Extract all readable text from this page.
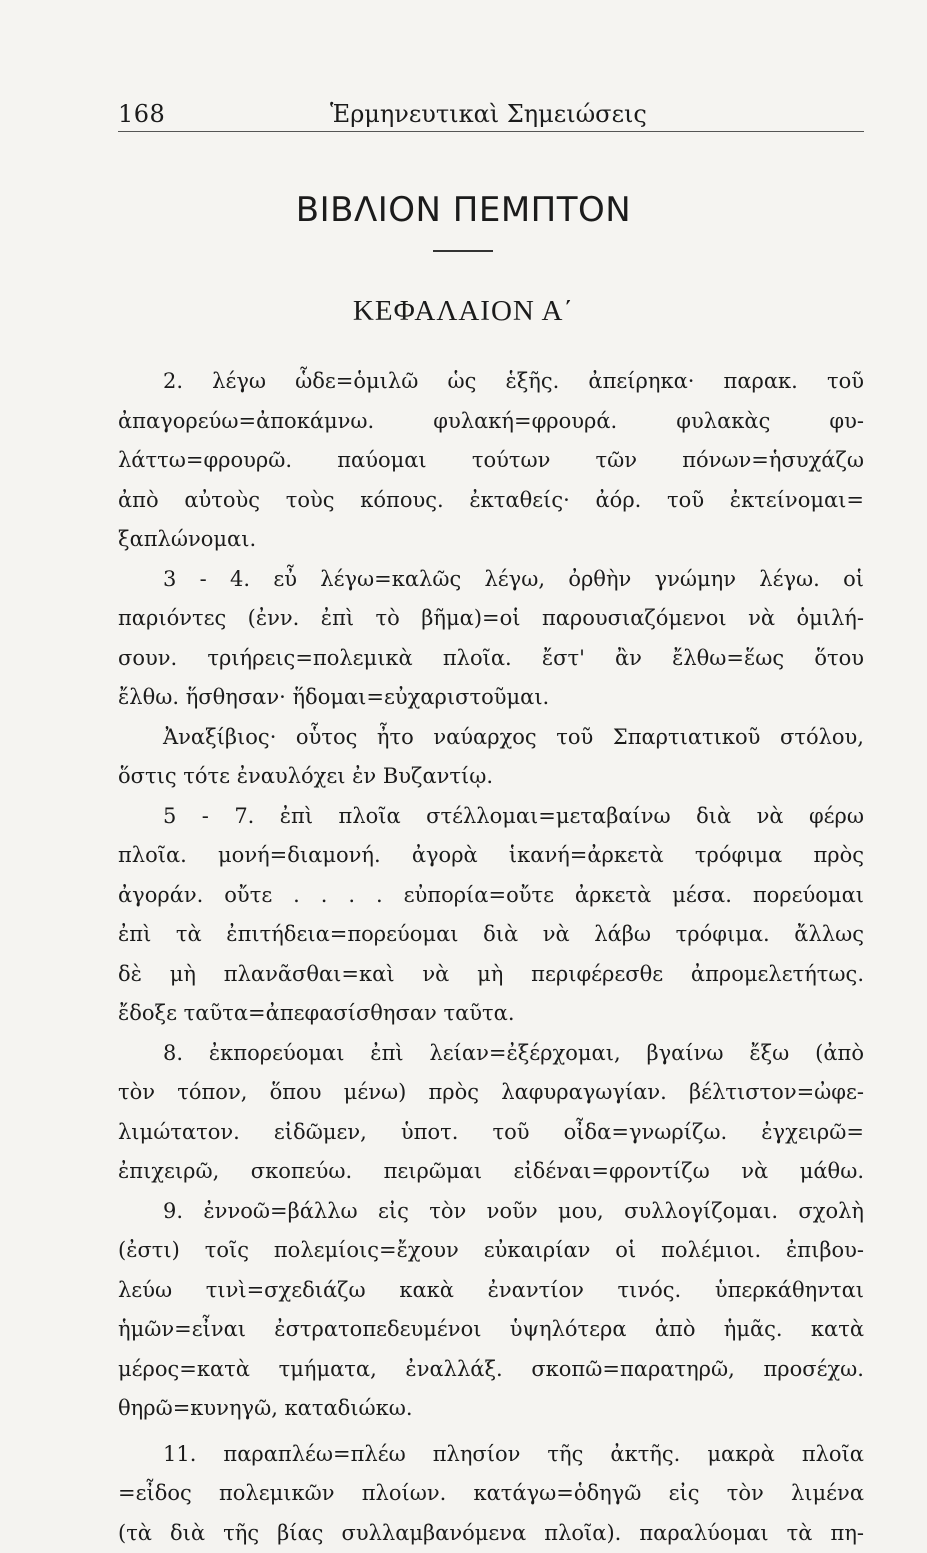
168	Ἑρμηνευτικαὶ Σημειώσεις
ΒΙΒΛΙΟΝ ΠΕΜΠΤΟΝ
ΚΕΦΑΛΑΙΟΝ Α΄
2. λέγω ὧδε=ὁμιλῶ ὡς ἑξῆς. ἀπείρηκα· παρακ. τοῦ
ἀπαγορεύω=ἀποκάμνω. φυλακή=φρουρά. φυλακὰς φυ-
λάττω=φρουρῶ. παύομαι τούτων τῶν πόνων=ἡσυχάζω
ἀπὸ αὐτοὺς τοὺς κόπους. ἐκταθείς· ἀόρ. τοῦ ἐκτείνομαι=
ξαπλώνομαι.
3 - 4. εὖ λέγω=καλῶς λέγω, ὀρθὴν γνώμην λέγω. οἱ
παριόντες (ἐνν. ἐπὶ τὸ βῆμα)=οἱ παρουσιαζόμενοι νὰ ὁμιλή-
σουν. τριήρεις=πολεμικὰ πλοῖα. ἔστ' ἂν ἔλθω=ἕως ὅτου
ἔλθω. ἥσθησαν· ἥδομαι=εὐχαριστοῦμαι.
Ἀναξίβιος· οὗτος ἦτο ναύαρχος τοῦ Σπαρτιατικοῦ στόλου,
ὅστις τότε ἐναυλόχει ἐν Βυζαντίῳ.
5 - 7. ἐπὶ πλοῖα στέλλομαι=μεταβαίνω διὰ νὰ φέρω
πλοῖα. μονή=διαμονή. ἀγορὰ ἱκανή=ἀρκετὰ τρόφιμα πρὸς
ἀγοράν. οὔτε . . . . εὐπορία=οὔτε ἀρκετὰ μέσα. πορεύομαι
ἐπὶ τὰ ἐπιτήδεια=πορεύομαι διὰ νὰ λάβω τρόφιμα. ἄλλως
δὲ μὴ πλανᾶσθαι=καὶ νὰ μὴ περιφέρεσθε ἀπρομελετήτως.
ἔδοξε ταῦτα=ἀπεφασίσθησαν ταῦτα.
8. ἐκπορεύομαι ἐπὶ λείαν=ἐξέρχομαι, βγαίνω ἔξω (ἀπὸ
τὸν τόπον, ὅπου μένω) πρὸς λαφυραγωγίαν. βέλτιστον=ὠφε-
λιμώτατον. εἰδῶμεν, ὑποτ. τοῦ οἶδα=γνωρίζω. ἐγχειρῶ=
ἐπιχειρῶ, σκοπεύω. πειρῶμαι εἰδέναι=φροντίζω νὰ μάθω.
9. ἐννοῶ=βάλλω εἰς τὸν νοῦν μου, συλλογίζομαι. σχολὴ
(ἐστι) τοῖς πολεμίοις=ἔχουν εὐκαιρίαν οἱ πολέμιοι. ἐπιβου-
λεύω τινὶ=σχεδιάζω κακὰ ἐναντίον τινός. ὑπερκάθηνται
ἡμῶν=εἶναι ἐστρατοπεδευμένοι ὑψηλότερα ἀπὸ ἡμᾶς. κατὰ
μέρος=κατὰ τμήματα, ἐναλλάξ. σκοπῶ=παρατηρῶ, προσέχω.
θηρῶ=κυνηγῶ, καταδιώκω.
11. παραπλέω=πλέω πλησίον τῆς ἀκτῆς. μακρὰ πλοῖα
=εἶδος πολεμικῶν πλοίων. κατάγω=ὁδηγῶ εἰς τὸν λιμένα
(τὰ διὰ τῆς βίας συλλαμβανόμενα πλοῖα). παραλύομαι τὰ πη-
